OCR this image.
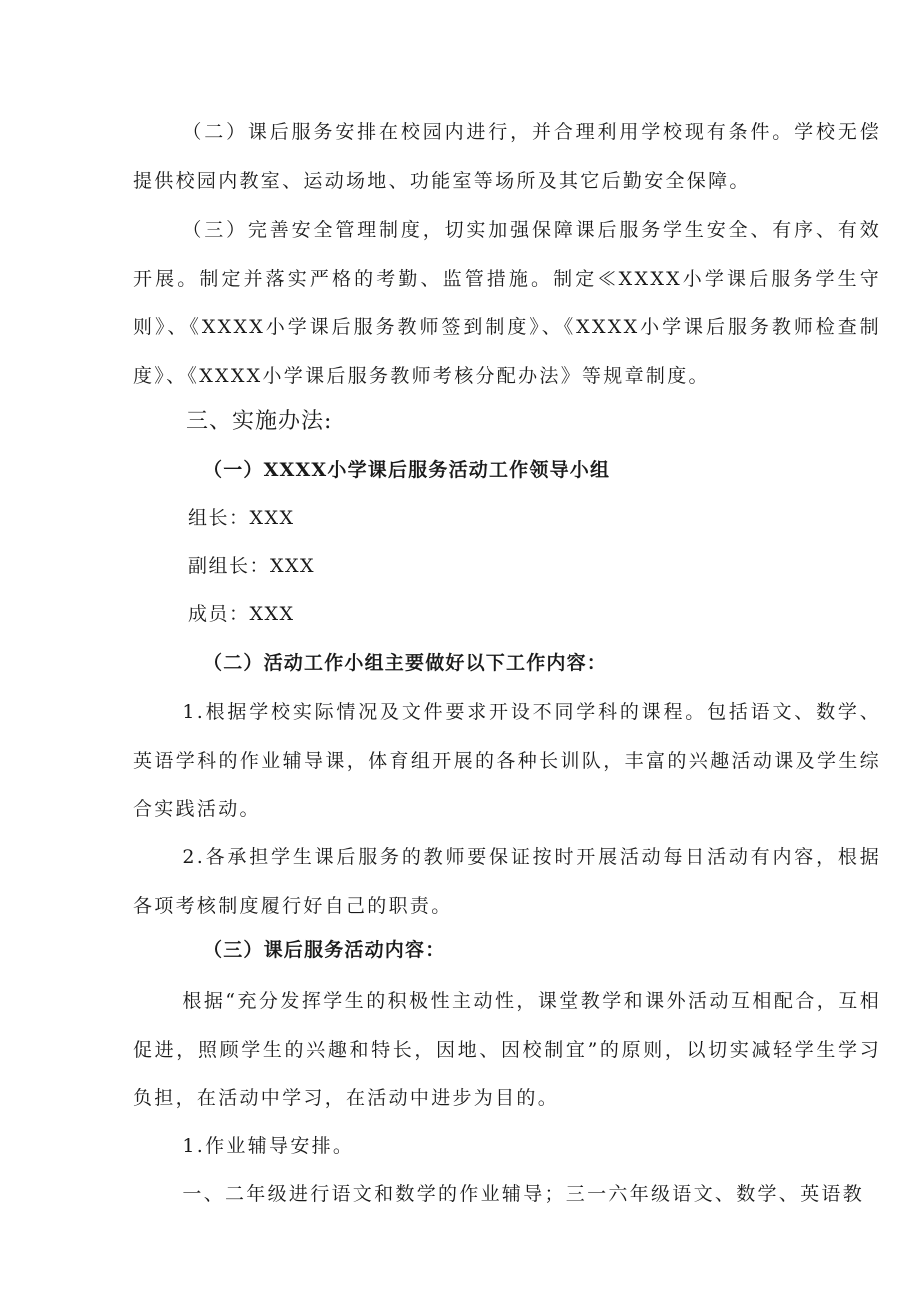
（二）课后服务安排在校园内进行，并合理利用学校现有条件。学校无偿提供校园内教室、运动场地、功能室等场所及其它后勤安全保障。

（三）完善安全管理制度，切实加强保障课后服务学生安全、有序、有效开展。制定并落实严格的考勤、监管措施。制定≪XXXX小学课后服务学生守则》、《XXXX小学课后服务教师签到制度》、《XXXX小学课后服务教师检查制度》、《XXXX小学课后服务教师考核分配办法》等规章制度。

三、实施办法:
（一）XXXX小学课后服务活动工作领导小组

组长：XXX

副组长：XXX

成员：XXX

（二）活动工作小组主要做好以下工作内容：

1.根据学校实际情况及文件要求开设不同学科的课程。包括语文、数学、英语学科的作业辅导课，体育组开展的各种长训队，丰富的兴趣活动课及学生综合实践活动。

2.各承担学生课后服务的教师要保证按时开展活动每日活动有内容，根据各项考核制度履行好自己的职责。

（三）课后服务活动内容：

根据“充分发挥学生的积极性主动性，课堂教学和课外活动互相配合，互相促进，照顾学生的兴趣和特长，因地、因校制宜”的原则，以切实减轻学生学习负担，在活动中学习，在活动中进步为目的。

1.作业辅导安排。

一、二年级进行语文和数学的作业辅导；三一六年级语文、数学、英语教
